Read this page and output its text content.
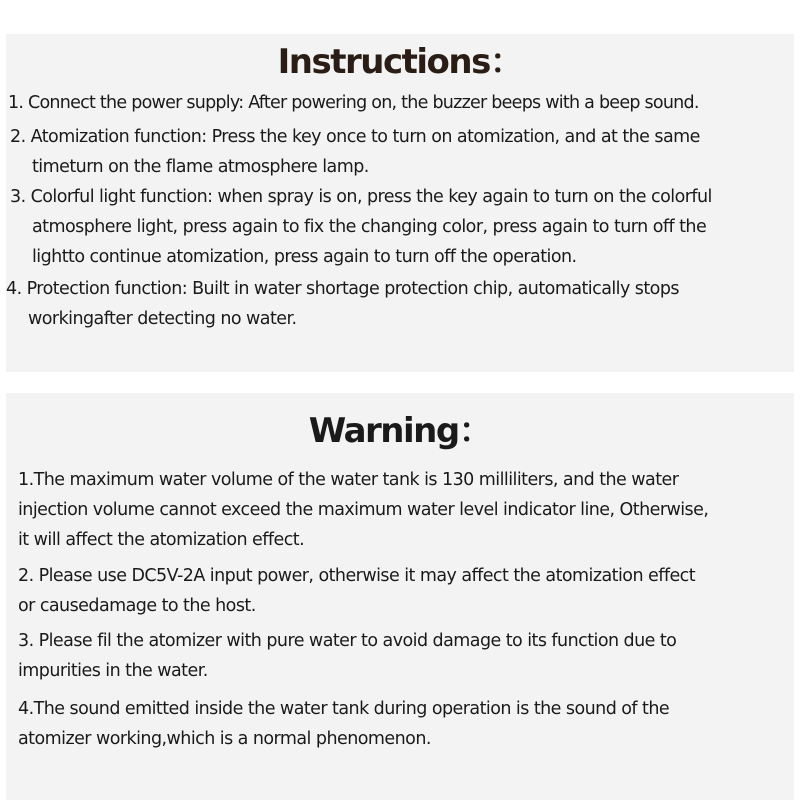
Instructions：

1. Connect the power supply: After powering on, the buzzer beeps with a beep sound.

2. Atomization function: Press the key once to turn on atomization, and at the same
timeturn on the flame atmosphere lamp.

3. Colorful light function: when spray is on, press the key again to turn on the colorful
atmosphere light, press again to fix the changing color, press again to turn off the
lightto continue atomization, press again to turn off the operation.

4. Protection function: Built in water shortage protection chip, automatically stops
workingafter detecting no water.

Warning：

1.The maximum water volume of the water tank is 130 milliliters, and the water
injection volume cannot exceed the maximum water level indicator line, Otherwise,
it will affect the atomization effect.

2. Please use DC5V-2A input power, otherwise it may affect the atomization effect
or causedamage to the host.

3. Please fil the atomizer with pure water to avoid damage to its function due to
impurities in the water.

4.The sound emitted inside the water tank during operation is the sound of the
atomizer working,which is a normal phenomenon.
